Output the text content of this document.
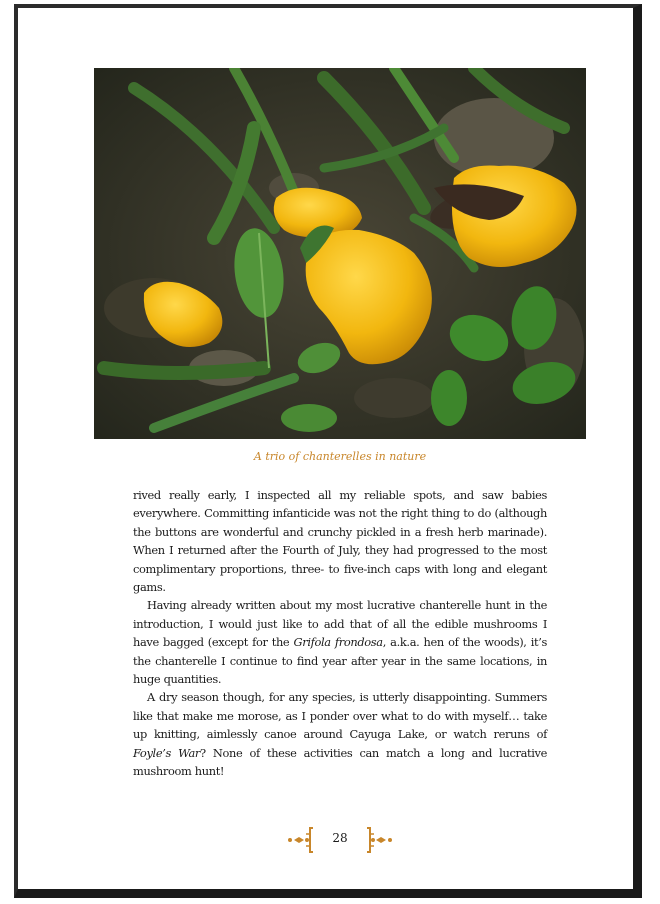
A trio of chanterelles in nature

rived really early, I inspected all my reliable spots, and saw babies everywhere. Committing infanticide was not the right thing to do (although the buttons are wonderful and crunchy pickled in a fresh herb marinade). When I returned after the Fourth of July, they had progressed to the most complimentary proportions, three- to five-inch caps with long and elegant gams.

Having already written about my most lucrative chanterelle hunt in the introduction, I would just like to add that of all the edible mushrooms I have bagged (except for the Grifola frondosa, a.k.a. hen of the woods), it’s the chanterelle I continue to find year after year in the same locations, in huge quantities.

A dry season though, for any species, is utterly disappointing. Summers like that make me morose, as I ponder over what to do with myself… take up knitting, aimlessly canoe around Cayuga Lake, or watch reruns of Foyle’s War? None of these activities can match a long and lucrative mushroom hunt!

28
